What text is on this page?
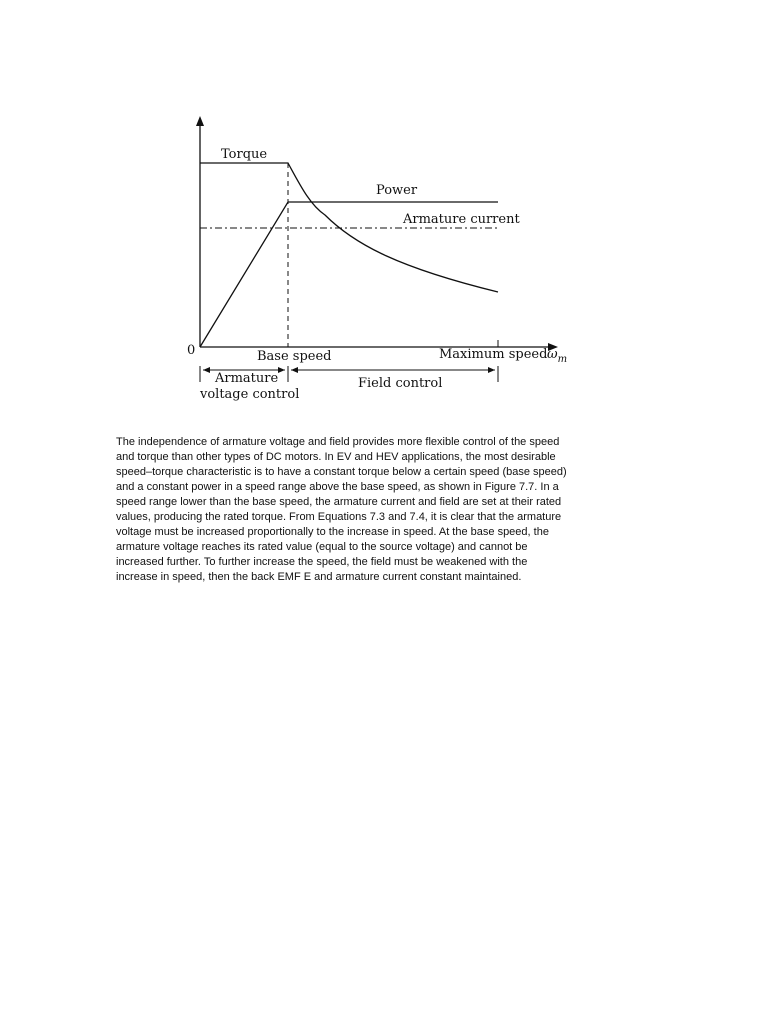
Torque
Power
Armature current
0	Base speed	Maximum speed $\omega_m$
Armature
voltage control
Field control

The independence of armature voltage and field provides more flexible control of the speed
and torque than other types of DC motors. In EV and HEV applications, the most desirable
speed–torque characteristic is to have a constant torque below a certain speed (base speed)
and a constant power in a speed range above the base speed, as shown in Figure 7.7. In a
speed range lower than the base speed, the armature current and field are set at their rated
values, producing the rated torque. From Equations 7.3 and 7.4, it is clear that the armature
voltage must be increased proportionally to the increase in speed. At the base speed, the
armature voltage reaches its rated value (equal to the source voltage) and cannot be
increased further. To further increase the speed, the field must be weakened with the
increase in speed, then the back EMF E and armature current constant maintained.
